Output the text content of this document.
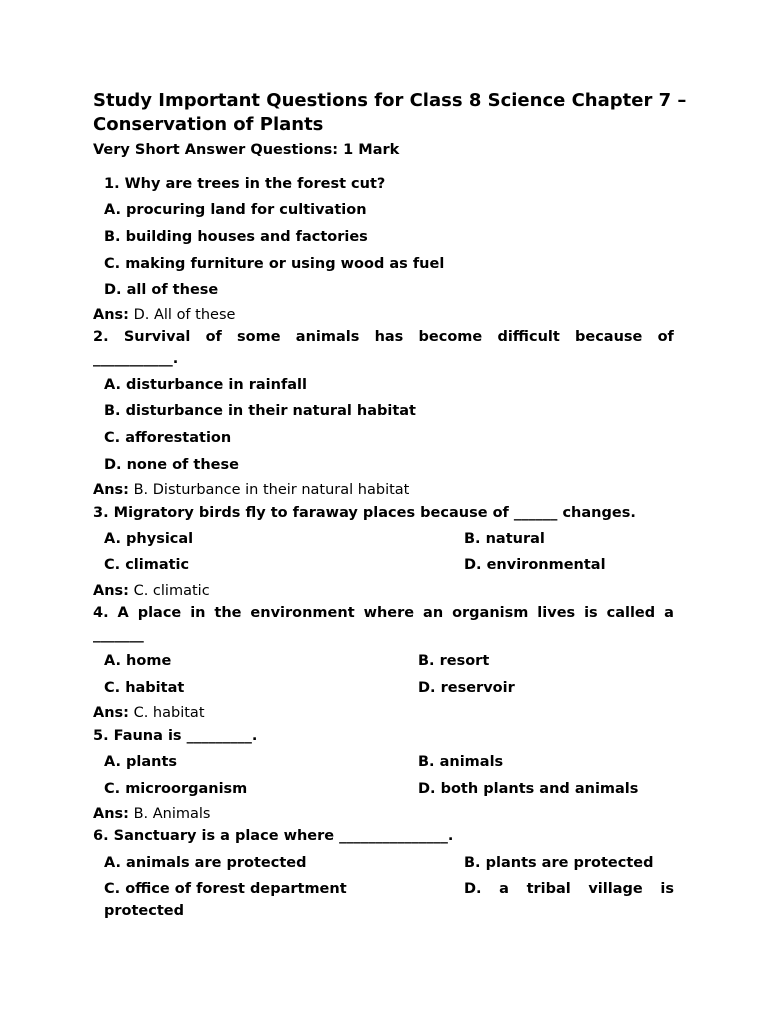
Study Important Questions for Class 8 Science Chapter 7 –
Conservation of Plants
Very Short Answer Questions: 1 Mark
1. Why are trees in the forest cut?
A. procuring land for cultivation
B. building houses and factories
C. making furniture or using wood as fuel
D. all of these
Ans: D. All of these
2. Survival of some animals has become difficult because of
___________.
A. disturbance in rainfall
B. disturbance in their natural habitat
C. afforestation
D. none of these
Ans: B. Disturbance in their natural habitat
3. Migratory birds fly to faraway places because of ______ changes.
A. physical	B. natural
C. climatic	D. environmental
Ans: C. climatic
4. A place in the environment where an organism lives is called a
_______
A. home	B. resort
C. habitat	D. reservoir
Ans: C. habitat
5. Fauna is _________.
A. plants	B. animals
C. microorganism	D. both plants and animals
Ans: B. Animals
6. Sanctuary is a place where _______________.
A. animals are protected	B. plants are protected
C. office of forest department	D. a tribal village is
protected
